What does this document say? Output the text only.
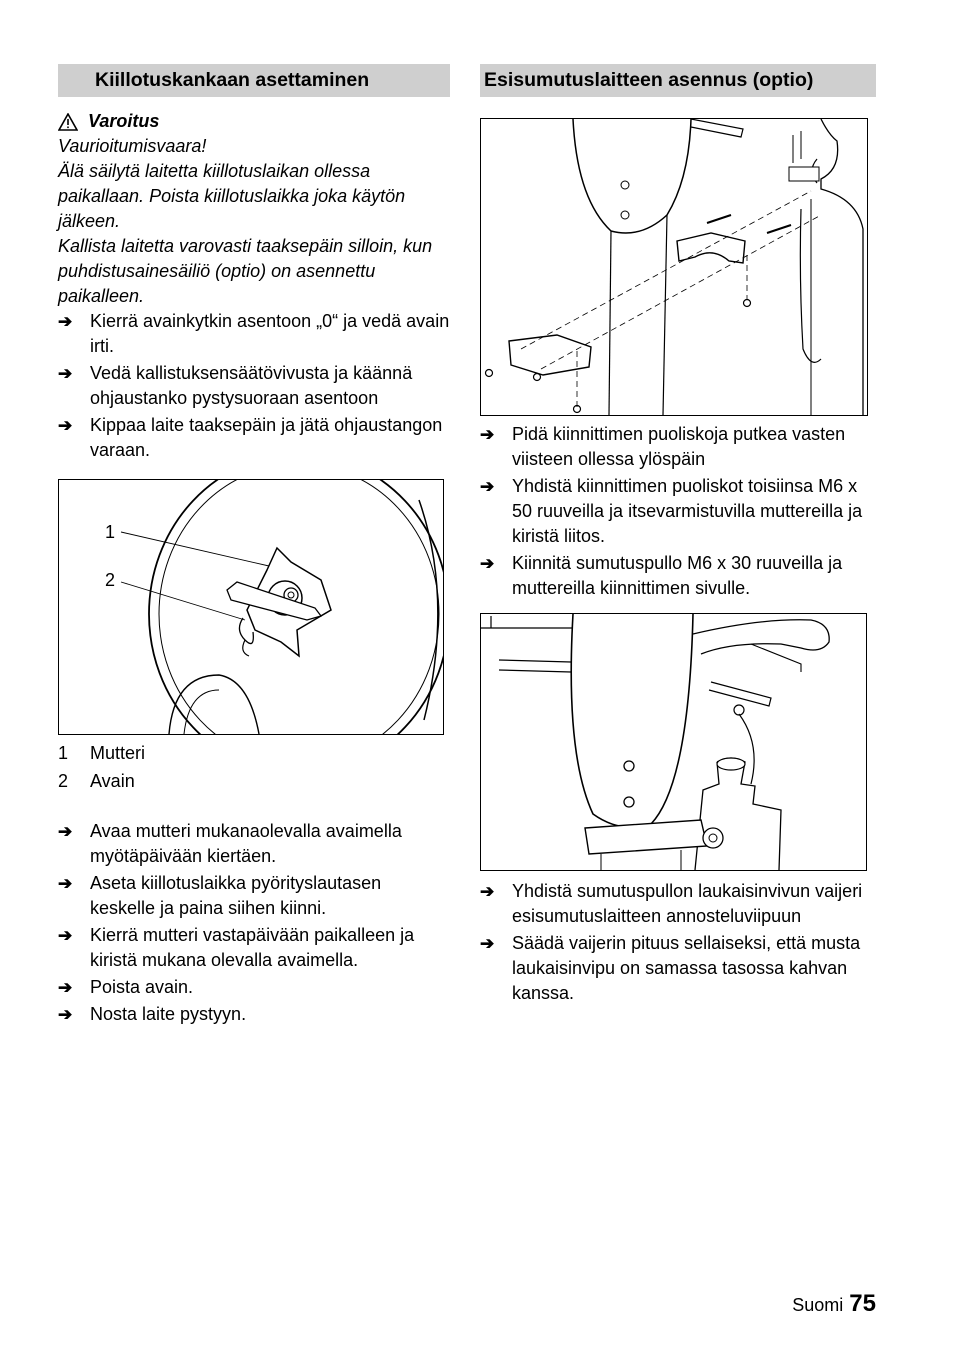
Kiillotuskankaan asettaminen
Varoitus

Vaurioitumisvaara!

Älä säilytä laitetta kiillotuslaikan ollessa paikallaan. Poista kiillotuslaikka joka käytön jälkeen.

Kallista laitetta varovasti taaksepäin silloin, kun puhdistusainesäiliö (optio) on asennettu paikalleen.

➔ Kierrä avainkytkin asentoon „0“ ja vedä avain irti.
➔ Vedä kallistuksensäätövivusta ja käännä ohjaustanko pystysuoraan asentoon
➔ Kippaa laite taaksepäin ja jätä ohjaustangon varaan.
1
2
1	Mutteri
2	Avain
➔ Avaa mutteri mukanaolevalla avaimella myötäpäivään kiertäen.
➔ Aseta kiillotuslaikka pyörityslautasen keskelle ja paina siihen kiinni.
➔ Kierrä mutteri vastapäivään paikalleen ja kiristä mukana olevalla avaimella.
➔ Poista avain.
➔ Nosta laite pystyyn.
Esisumutuslaitteen asennus (optio)
➔ Pidä kiinnittimen puoliskoja putkea vasten viisteen ollessa ylöspäin
➔ Yhdistä kiinnittimen puoliskot toisiinsa M6 x 50 ruuveilla ja itsevarmistuvilla muttereilla ja kiristä liitos.
➔ Kiinnitä sumutuspullo M6 x 30 ruuveilla ja muttereilla kiinnittimen sivulle.
➔ Yhdistä sumutuspullon laukaisinvivun vaijeri esisumutuslaitteen annosteluviipuun
➔ Säädä vaijerin pituus sellaiseksi, että musta laukaisinvipu on samassa tasossa kahvan kanssa.
Suomi 75
